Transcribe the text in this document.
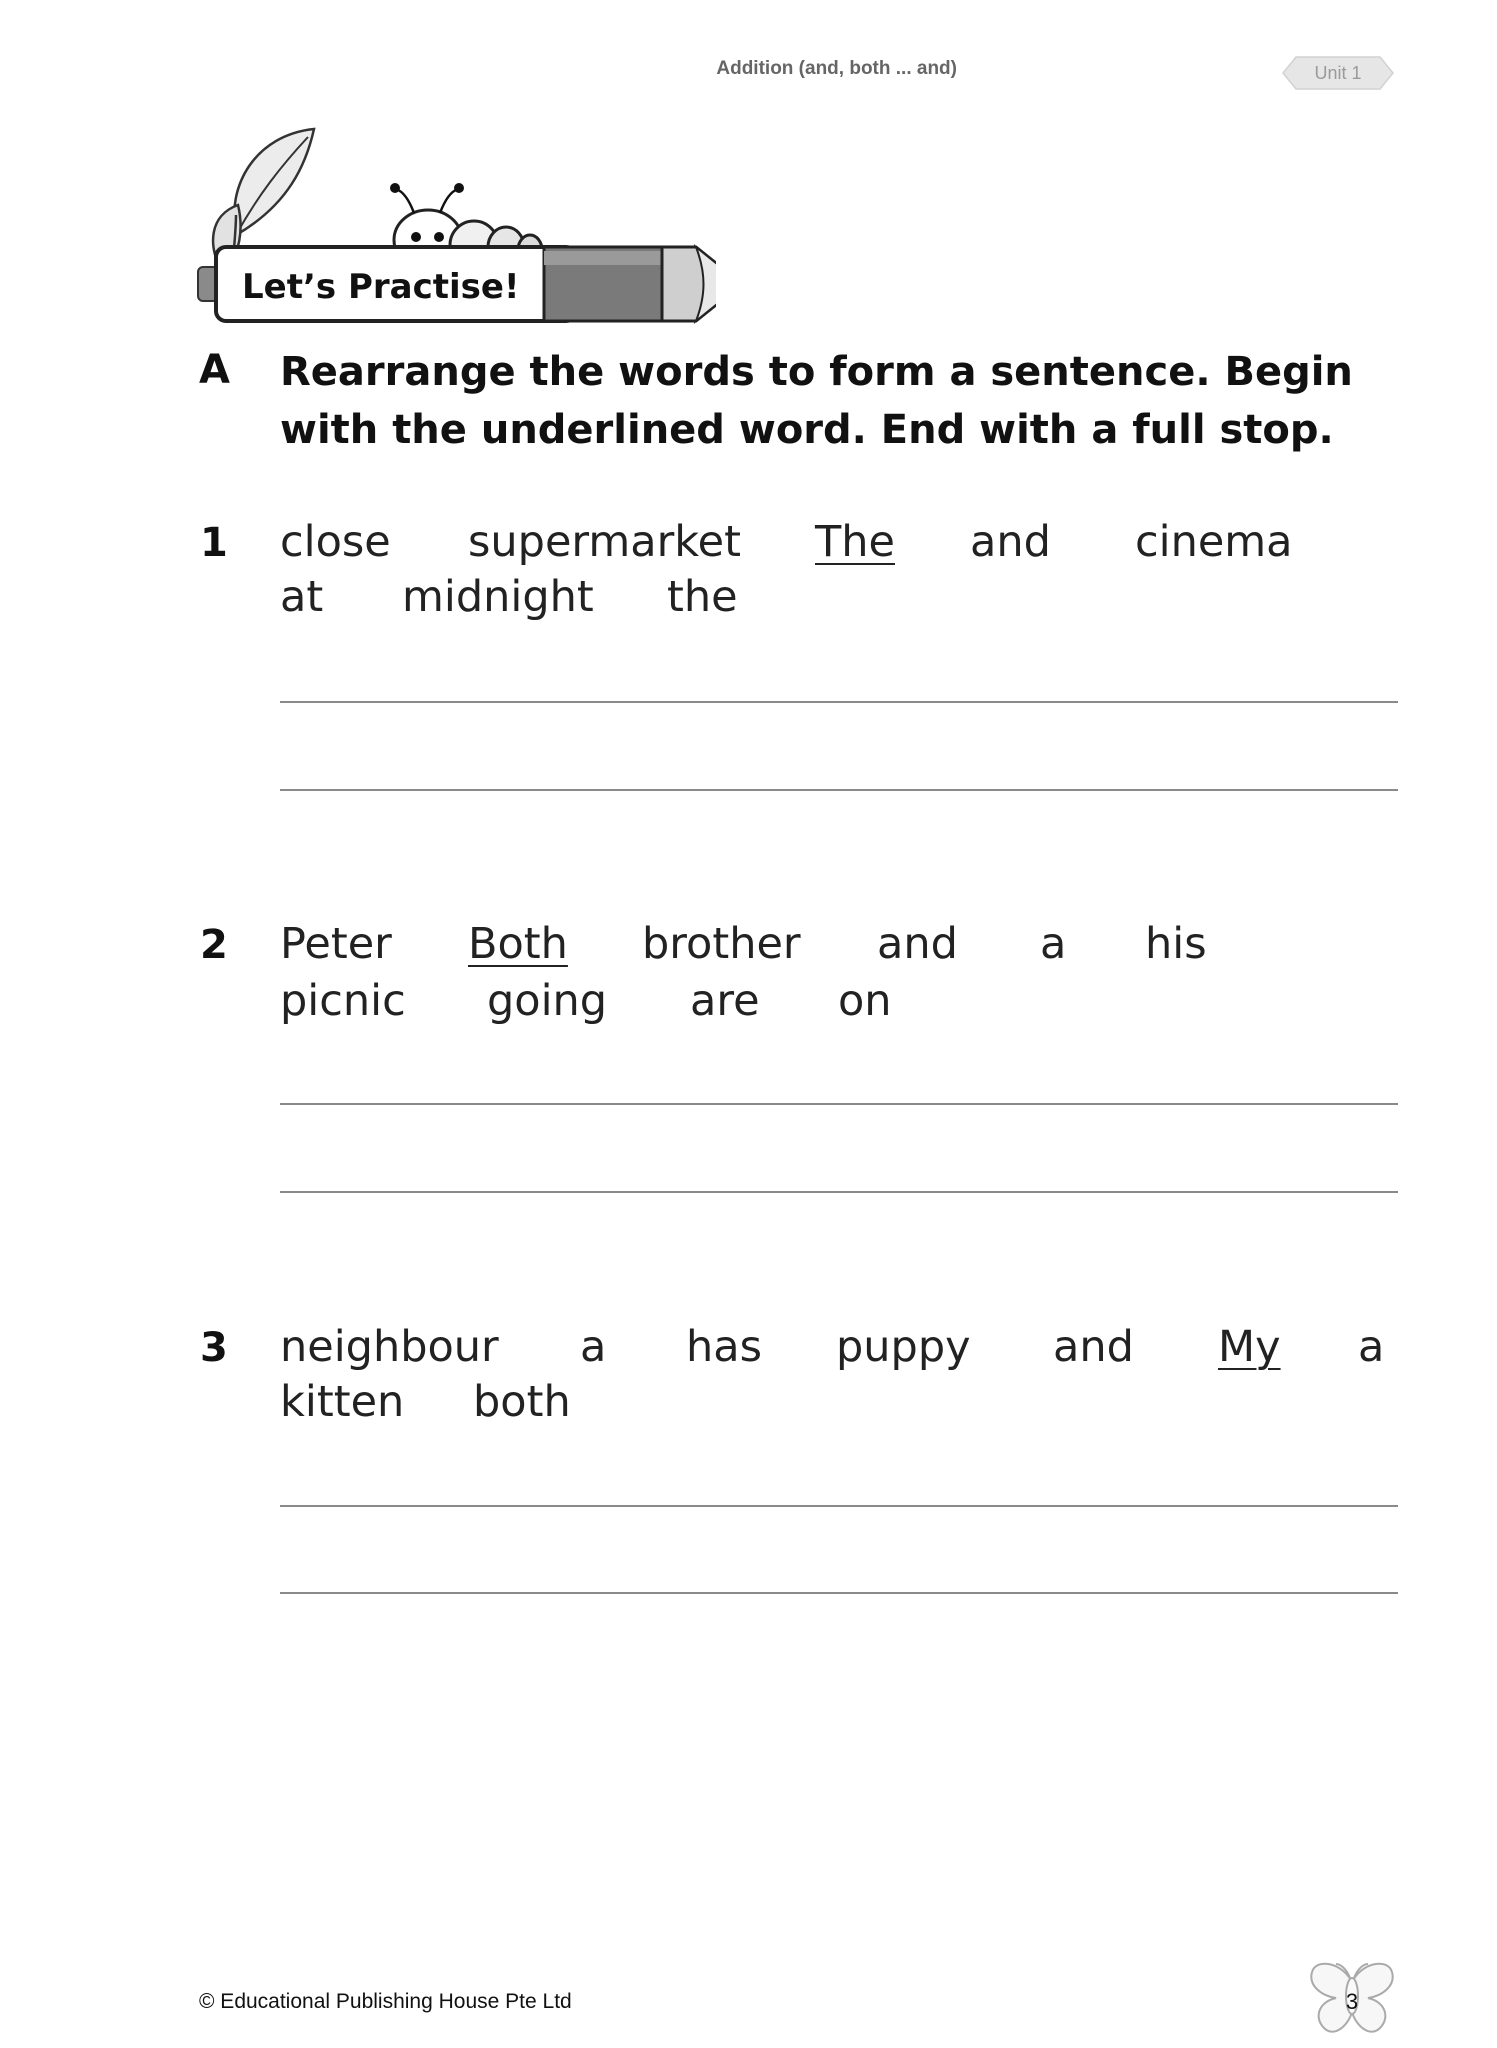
Addition (and, both ... and)	Unit 1
Let’s Practise!
A Rearrange the words to form a sentence. Begin with the underlined word. End with a full stop.
1 close supermarket The and cinema
at midnight the
2 Peter Both brother and a his
picnic going are on
3 neighbour a has puppy and My a
kitten both
© Educational Publishing House Pte Ltd	3
